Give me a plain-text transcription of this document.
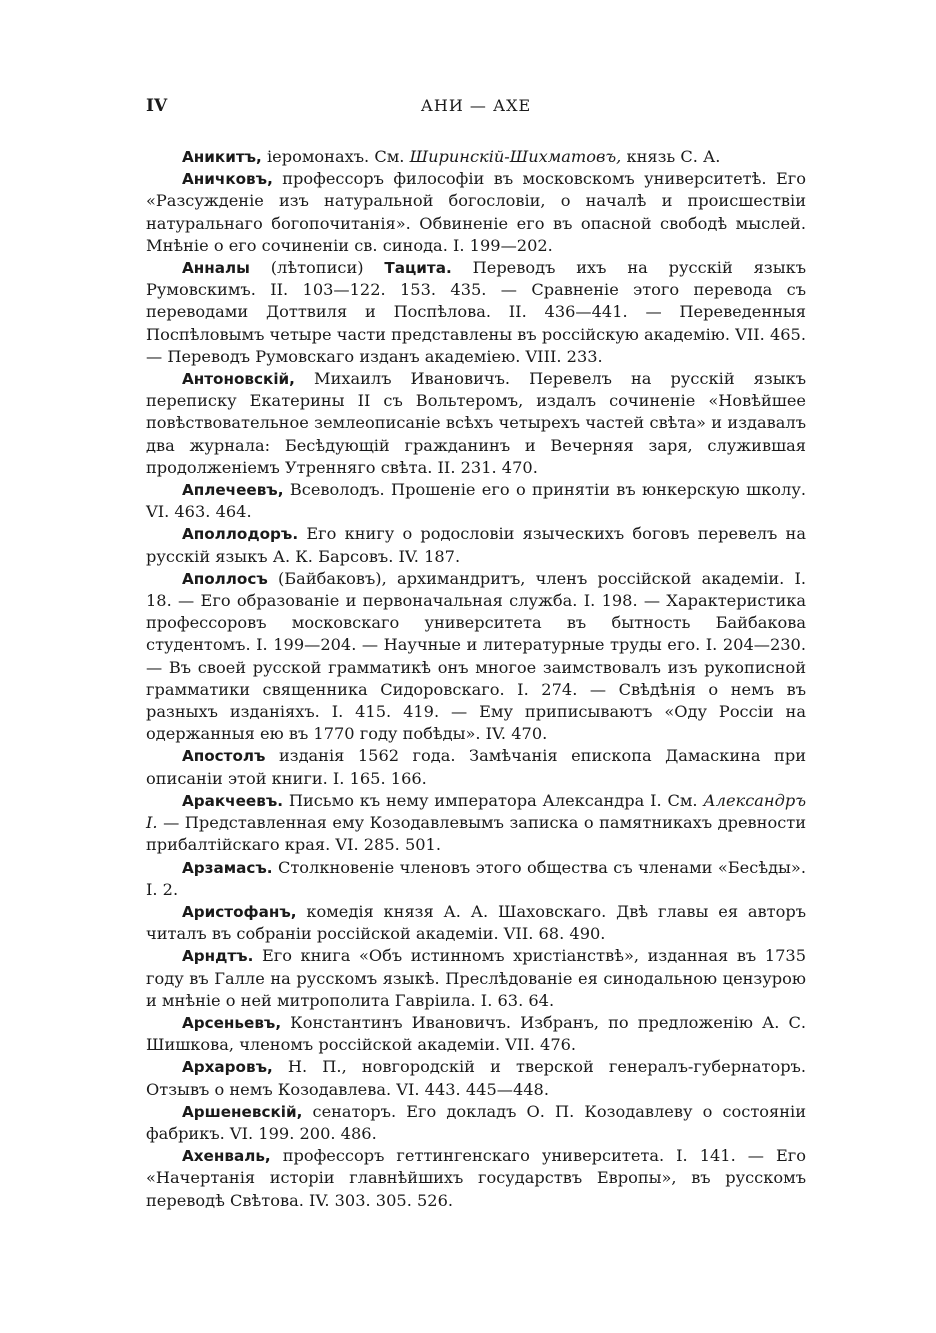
IV	АНИ — АХЕ

Аникитъ, іеромонахъ. См. Ширинскій-Шихматовъ, князь С. А.

Аничковъ, профессоръ философіи въ московскомъ университетѣ. Его «Разсужденіе изъ натуральной богословіи, о началѣ и происшествіи натуральнаго богопочитанія». Обвиненіе его въ опасной свободѣ мыслей. Мнѣніе о его сочиненіи св. синода. I. 199—202.

Анналы (лѣтописи) Тацита. Переводъ ихъ на русскій языкъ Румовскимъ. II. 103—122. 153. 435. — Сравненіе этого перевода съ переводами Доттвиля и Поспѣлова. II. 436—441. — Переведенныя Поспѣловымъ четыре части представлены въ россійскую академію. VII. 465. — Переводъ Румовскаго изданъ академіею. VIII. 233.

Антоновскій, Михаилъ Ивановичъ. Перевелъ на русскій языкъ переписку Екатерины II съ Вольтеромъ, издалъ сочиненіе «Новѣйшее повѣствовательное землеописаніе всѣхъ четырехъ частей свѣта» и издавалъ два журнала: Бесѣдующій гражданинъ и Вечерняя заря, служившая продолженіемъ Утренняго свѣта. II. 231. 470.

Аплечеевъ, Всеволодъ. Прошеніе его о принятіи въ юнкерскую школу. VI. 463. 464.

Аполлодоръ. Его книгу о родословіи языческихъ боговъ перевелъ на русскій языкъ А. К. Барсовъ. IV. 187.

Аполлосъ (Байбаковъ), архимандритъ, членъ россійской академіи. I. 18. — Его образованіе и первоначальная служба. I. 198. — Характеристика профессоровъ московскаго университета въ бытность Байбакова студентомъ. I. 199—204. — Научные и литературные труды его. I. 204—230. — Въ своей русской грамматикѣ онъ многое заимствовалъ изъ рукописной грамматики священника Сидоровскаго. I. 274. — Свѣдѣнія о немъ въ разныхъ изданіяхъ. I. 415. 419. — Ему приписываютъ «Оду Россіи на одержанныя ею въ 1770 году побѣды». IV. 470.

Апостолъ изданія 1562 года. Замѣчанія епископа Дамаскина при описаніи этой книги. I. 165. 166.

Аракчеевъ. Письмо къ нему императора Александра I. См. Александръ I. — Представленная ему Козодавлевымъ записка о памятникахъ древности прибалтійскаго края. VI. 285. 501.

Арзамасъ. Столкновеніе членовъ этого общества съ членами «Бесѣды». I. 2.

Аристофанъ, комедія князя А. А. Шаховскаго. Двѣ главы ея авторъ читалъ въ собраніи россійской академіи. VII. 68. 490.

Арндтъ. Его книга «Объ истинномъ христіанствѣ», изданная въ 1735 году въ Галле на русскомъ языкѣ. Преслѣдованіе ея синодальною цензурою и мнѣніе о ней митрополита Гавріила. I. 63. 64.

Арсеньевъ, Константинъ Ивановичъ. Избранъ, по предложенію А. С. Шишкова, членомъ россійской академіи. VII. 476.

Архаровъ, Н. П., новгородскій и тверской генералъ-губернаторъ. Отзывъ о немъ Козодавлева. VI. 443. 445—448.

Аршеневскій, сенаторъ. Его докладъ О. П. Козодавлеву о состояніи фабрикъ. VI. 199. 200. 486.

Ахенваль, профессоръ геттингенскаго университета. I. 141. — Его «Начертанія исторіи главнѣйшихъ государствъ Европы», въ русскомъ переводѣ Свѣтова. IV. 303. 305. 526.
